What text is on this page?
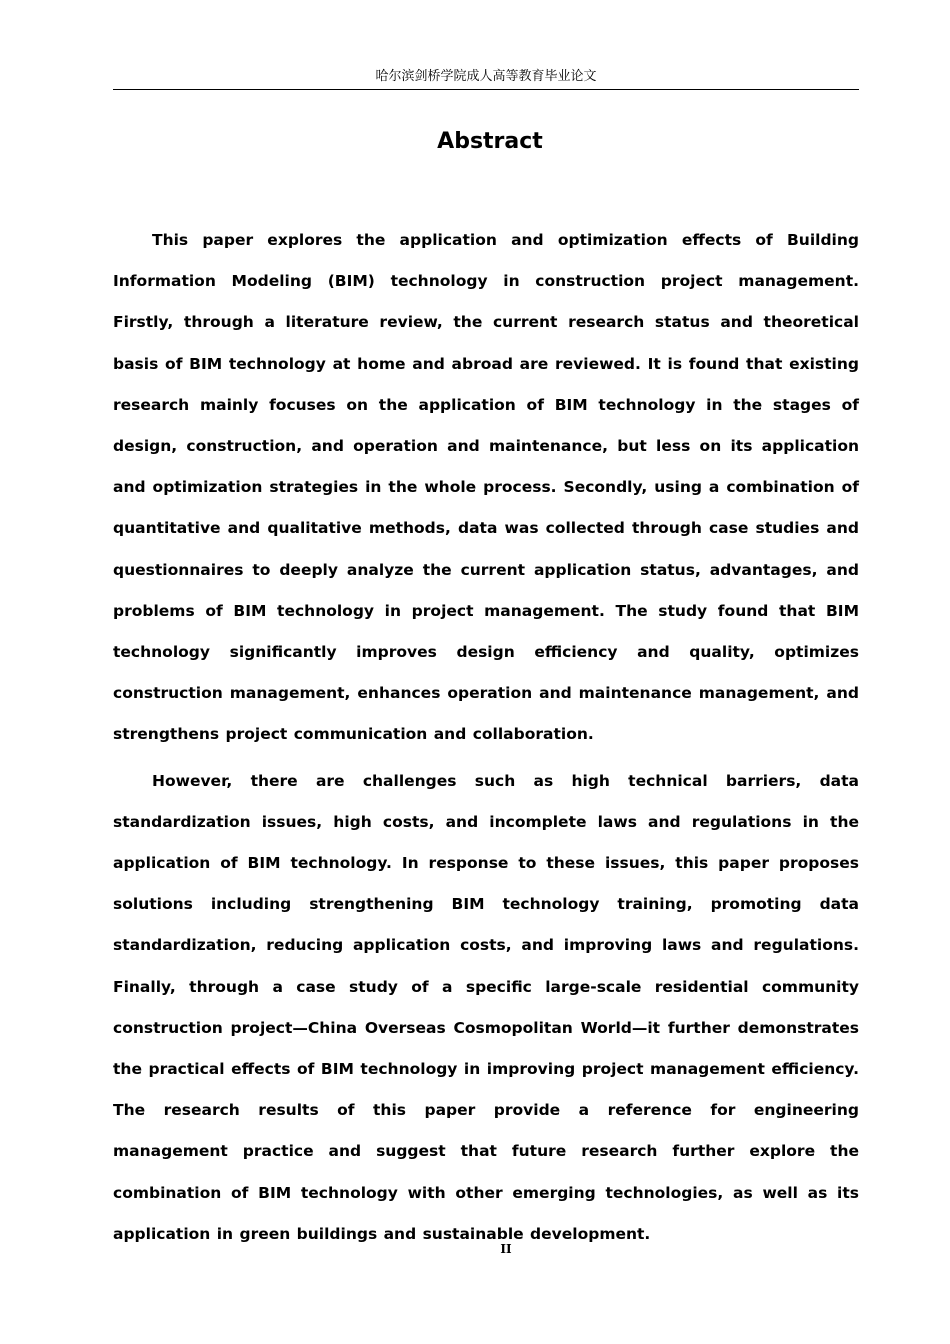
哈尔滨剑桥学院成人高等教育毕业论文
Abstract

This paper explores the application and optimization effects of Building Information Modeling (BIM) technology in construction project management. Firstly, through a literature review, the current research status and theoretical basis of BIM technology at home and abroad are reviewed. It is found that existing research mainly focuses on the application of BIM technology in the stages of design, construction, and operation and maintenance, but less on its application and optimization strategies in the whole process. Secondly, using a combination of quantitative and qualitative methods, data was collected through case studies and questionnaires to deeply analyze the current application status, advantages, and problems of BIM technology in project management. The study found that BIM technology significantly improves design efficiency and quality, optimizes construction management, enhances operation and maintenance management, and strengthens project communication and collaboration.

However, there are challenges such as high technical barriers, data standardization issues, high costs, and incomplete laws and regulations in the application of BIM technology. In response to these issues, this paper proposes solutions including strengthening BIM technology training, promoting data standardization, reducing application costs, and improving laws and regulations. Finally, through a case study of a specific large-scale residential community construction project—China Overseas Cosmopolitan World—it further demonstrates the practical effects of BIM technology in improving project management efficiency. The research results of this paper provide a reference for engineering management practice and suggest that future research further explore the combination of BIM technology with other emerging technologies, as well as its application in green buildings and sustainable development.

II
